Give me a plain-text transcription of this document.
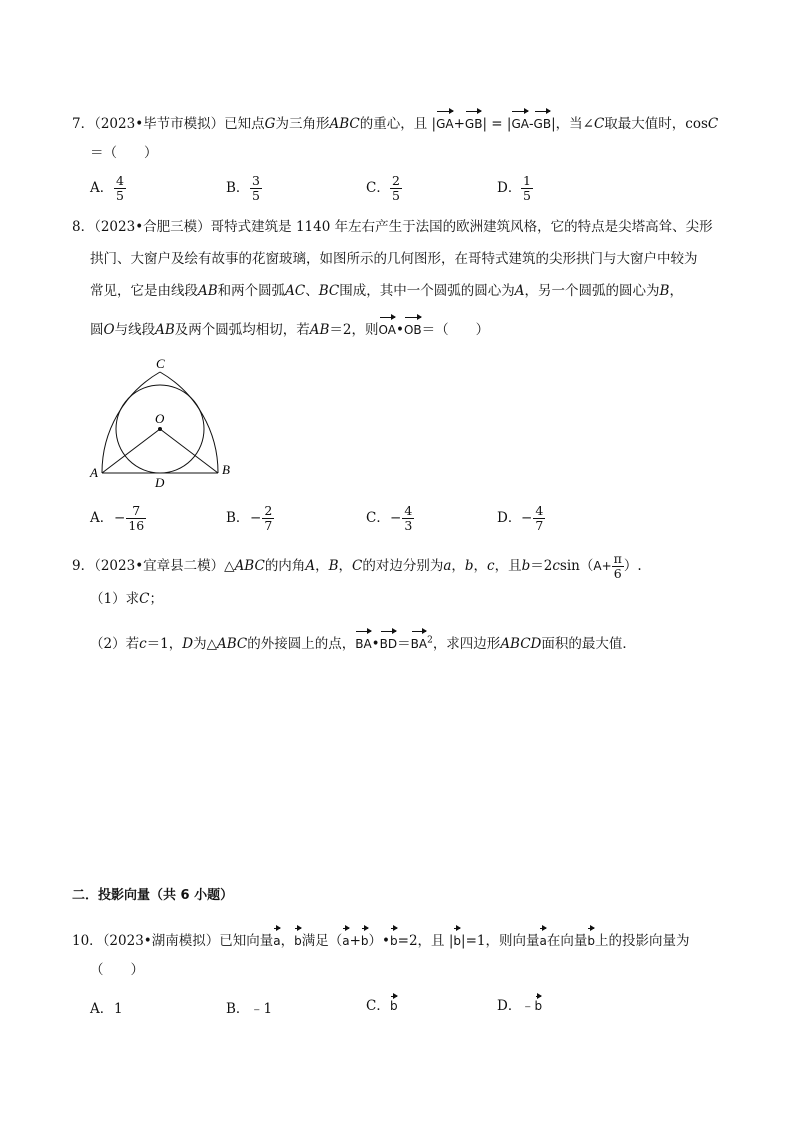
7．（2023•毕节市模拟）已知点G为三角形ABC的重心，且 |GA+GB| = |GA-GB|，当∠C取最大值时，cosC
＝（　　）
A． $\frac{4}{5}$	B． $\frac{3}{5}$	C． $\frac{2}{5}$	D． $\frac{1}{5}$
8．（2023•合肥三模）哥特式建筑是 1140 年左右产生于法国的欧洲建筑风格，它的特点是尖塔高耸、尖形
拱门、大窗户及绘有故事的花窗玻璃，如图所示的几何图形，在哥特式建筑的尖形拱门与大窗户中较为
常见，它是由线段AB和两个圆弧AC、BC围成，其中一个圆弧的圆心为A，另一个圆弧的圆心为B，
圆O与线段AB及两个圆弧均相切，若AB＝2，则OA•OB＝（　　）
C
O
A	B
D
A．− $\frac{7}{16}$	B．− $\frac{2}{7}$	C．− $\frac{4}{3}$	D．− $\frac{4}{7}$
9．（2023•宜章县二模）△ABC的内角A，B，C的对边分别为a，b，c，且$b=2csin(A+ \frac{\pi}{6}$ ）.
（1）求C；
（2）若c＝1，D为△ABC的外接圆上的点，$BA•BD=BA^2$，求四边形ABCD面积的最大值．
二．投影向量（共 6 小题）
10．（2023•湖南模拟）已知向量a，b满足（a+b）•b=2，且 |b|=1，则向量a在向量b上的投影向量为
（　　）
A．1	B．﹣1	C．b	D．﹣b
